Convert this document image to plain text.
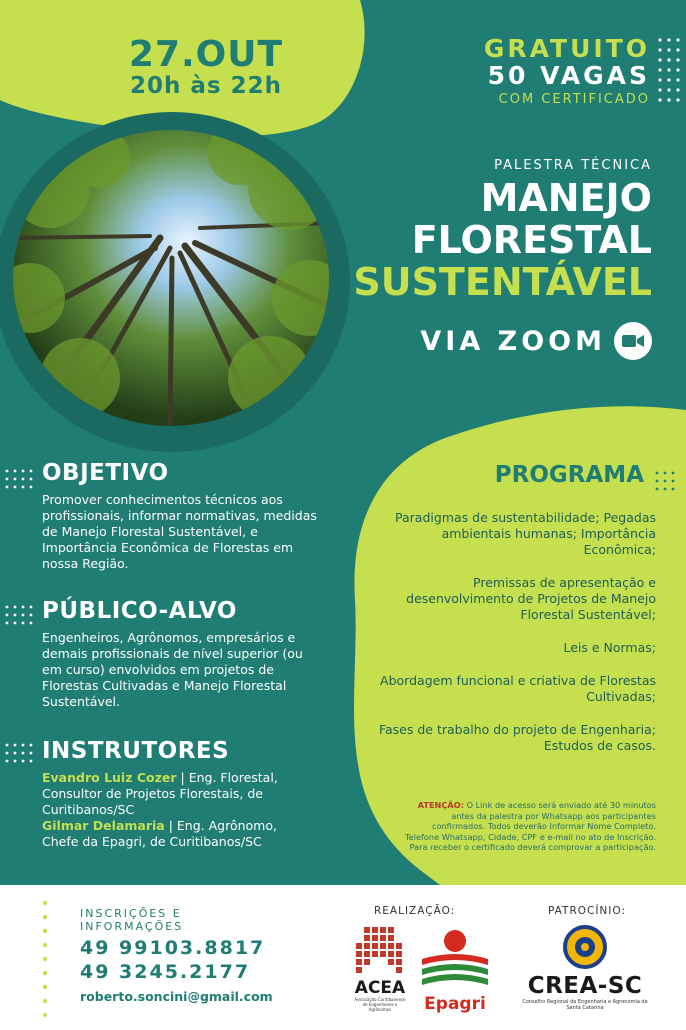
27.OUT
20h às 22h
GRATUITO
50 VAGAS
COM CERTIFICADO
PALESTRA TÉCNICA
MANEJO
FLORESTAL
SUSTENTÁVEL
VIA ZOOM
OBJETIVO

Promover conhecimentos técnicos aos profissionais, informar normativas, medidas de Manejo Florestal Sustentável, e Importância Econômica de Florestas em nossa Região.

PÚBLICO-ALVO

Engenheiros, Agrônomos, empresários e demais profissionais de nível superior (ou em curso) envolvidos em projetos de Florestas Cultivadas e Manejo Florestal Sustentável.

INSTRUTORES

Evandro Luiz Cozer | Eng. Florestal, Consultor de Projetos Florestais, de Curitibanos/SC

Gilmar Delamaria | Eng. Agrônomo, Chefe da Epagri, de Curitibanos/SC

PROGRAMA
Paradigmas de sustentabilidade; Pegadas ambientais humanas; Importância Econômica;
Premissas de apresentação e desenvolvimento de Projetos de Manejo Florestal Sustentável;
Leis e Normas;
Abordagem funcional e criativa de Florestas Cultivadas;
Fases de trabalho do projeto de Engenharia; Estudos de casos.
ATENÇÃO: O Link de acesso será enviado até 30 minutos antes da palestra por Whatsapp aos participantes confirmados. Todos deverão Informar Nome Completo, Telefone Whatsapp, Cidade, CPF e e-mail no ato de Inscrição. Para receber o certificado deverá comprovar a participação.
INSCRIÇÕES E
INFORMAÇÕES
49 99103.8817
49 3245.2177
roberto.soncini@gmail.com
REALIZAÇÃO:	PATROCÍNIO:
ACEA
Associação Curitibanense de Engenheiros e Agrônomos	Epagri
CREA-SC
Conselho Regional de Engenharia e Agronomia de Santa Catarina
